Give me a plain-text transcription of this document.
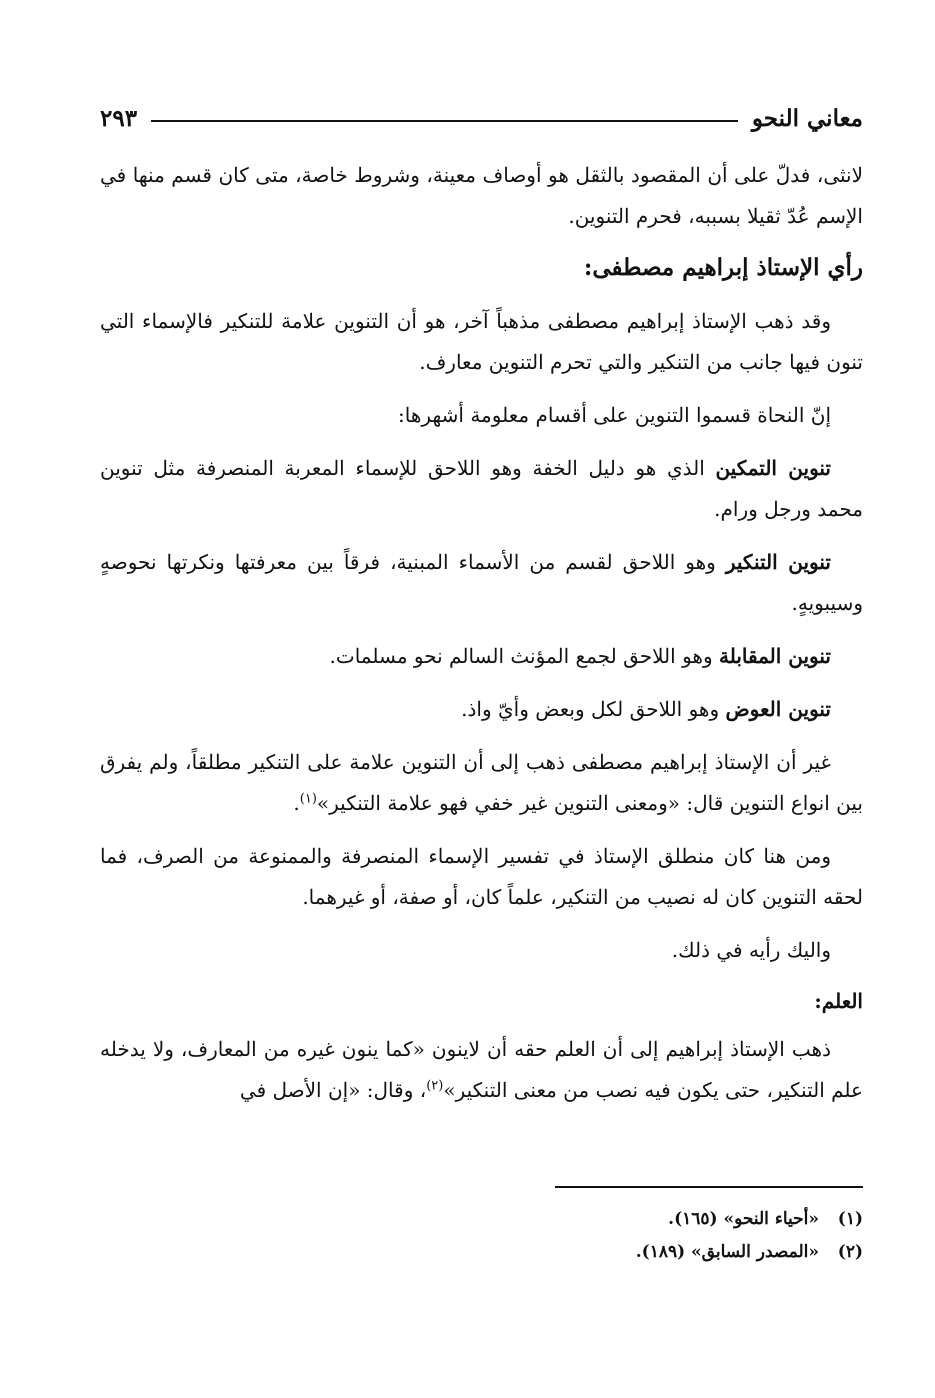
معاني النحو
٢٩٣

لانثى، فدلّ على أن المقصود بالثقل هو أوصاف معينة، وشروط خاصة، متى كان قسم منها في الإسم عُدّ ثقيلا بسببه، فحرم التنوين.

رأي الإستاذ إبراهيم مصطفى:

وقد ذهب الإستاذ إبراهيم مصطفى مذهباً آخر، هو أن التنوين علامة للتنكير فالإسماء التي تنون فيها جانب من التنكير والتي تحرم التنوين معارف.

إنّ النحاة قسموا التنوين على أقسام معلومة أشهرها:

تنوين التمكين الذي هو دليل الخفة وهو اللاحق للإسماء المعربة المنصرفة مثل تنوين محمد ورجل ورام.

تنوين التنكير وهو اللاحق لقسم من الأسماء المبنية، فرقاً بين معرفتها ونكرتها نحوصهٍ وسيبويهٍ.

تنوين المقابلة وهو اللاحق لجمع المؤنث السالم نحو مسلمات.

تنوين العوض وهو اللاحق لكل وبعض وأيّ واذ.

غير أن الإستاذ إبراهيم مصطفى ذهب إلى أن التنوين علامة على التنكير مطلقاً، ولم يفرق بين انواع التنوين قال: «ومعنى التنوين غير خفي فهو علامة التنكير»$^{(١)}$.

ومن هنا كان منطلق الإستاذ في تفسير الإسماء المنصرفة والممنوعة من الصرف، فما لحقه التنوين كان له نصيب من التنكير، علماً كان، أو صفة، أو غيرهما.

واليك رأيه في ذلك.

العلم:

ذهب الإستاذ إبراهيم إلى أن العلم حقه أن لاينون «كما ينون غيره من المعارف، ولا يدخله علم التنكير، حتى يكون فيه نصب من معنى التنكير»$^{(٢)}$، وقال: «إن الأصل في

(١)
«أحياء النحو» (١٦٥).
(٢)
«المصدر السابق» (١٨٩).
